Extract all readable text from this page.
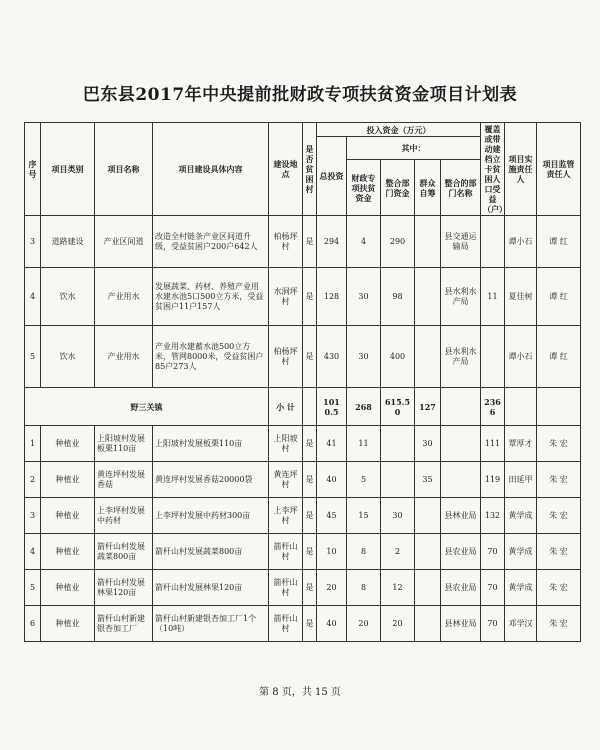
巴东县2017年中央提前批财政专项扶贫资金项目计划表
序号	项目类别	项目名称	项目建设具体内容	建设地点	是否贫困村	投入资金（万元）					覆盖或带动建档立卡贫困人口受益（户）	项目实施责任人	项目监管责任人
						总投资	其中：						
							财政专项扶贫资金	整合部门资金	群众自筹	整合的部门名称			
3	道路建设	产业区间道	改造全村链条产业区间道升级，受益贫困户200户642人	柏杨坪村	是	294	4	290		县交通运输局		谭小石	谭 红
4	饮水	产业用水	发展蔬菜、药材、养殖产业用水建水池5口500立方米，受益贫困户11户157人	水洞坪村	是	128	30	98		县水利水产局	11	夏佳树	谭 红
5	饮水	产业用水	产业用水建蓄水池500立方米，管网8000米，受益贫困户85户273人	柏杨坪村	是	430	30	400		县水利水产局		谭小石	谭 红
野三关镇				小 计		1010.5	268	615.50	127		2366		
1	种植业	上阳坡村发展板栗110亩	上阳坡村发展板栗110亩	上阳坡村	是	41	11		30		111	覃厚才	朱 宏
2	种植业	黄连坪村发展香菇	黄连坪村发展香菇20000袋	黄连坪村	是	40	5		35		119	田延甲	朱 宏
3	种植业	上李坪村发展中药材	上李坪村发展中药材300亩	上李坪村	是	45	15	30		县林业局	132	黄学成	朱 宏
4	种植业	箭杆山村发展蔬菜800亩	箭杆山村发展蔬菜800亩	箭杆山村	是	10	8	2		县农业局	70	黄学成	朱 宏
5	种植业	箭杆山村发展林果120亩	箭杆山村发展林果120亩	箭杆山村	是	20	8	12		县农业局	70	黄学成	朱 宏
6	种植业	箭杆山村新建银杏加工厂	箭杆山村新建银杏加工厂1个（10吨）	箭杆山村	是	40	20	20		县林业局	70	邓学汉	朱 宏
第 8 页，共 15 页
